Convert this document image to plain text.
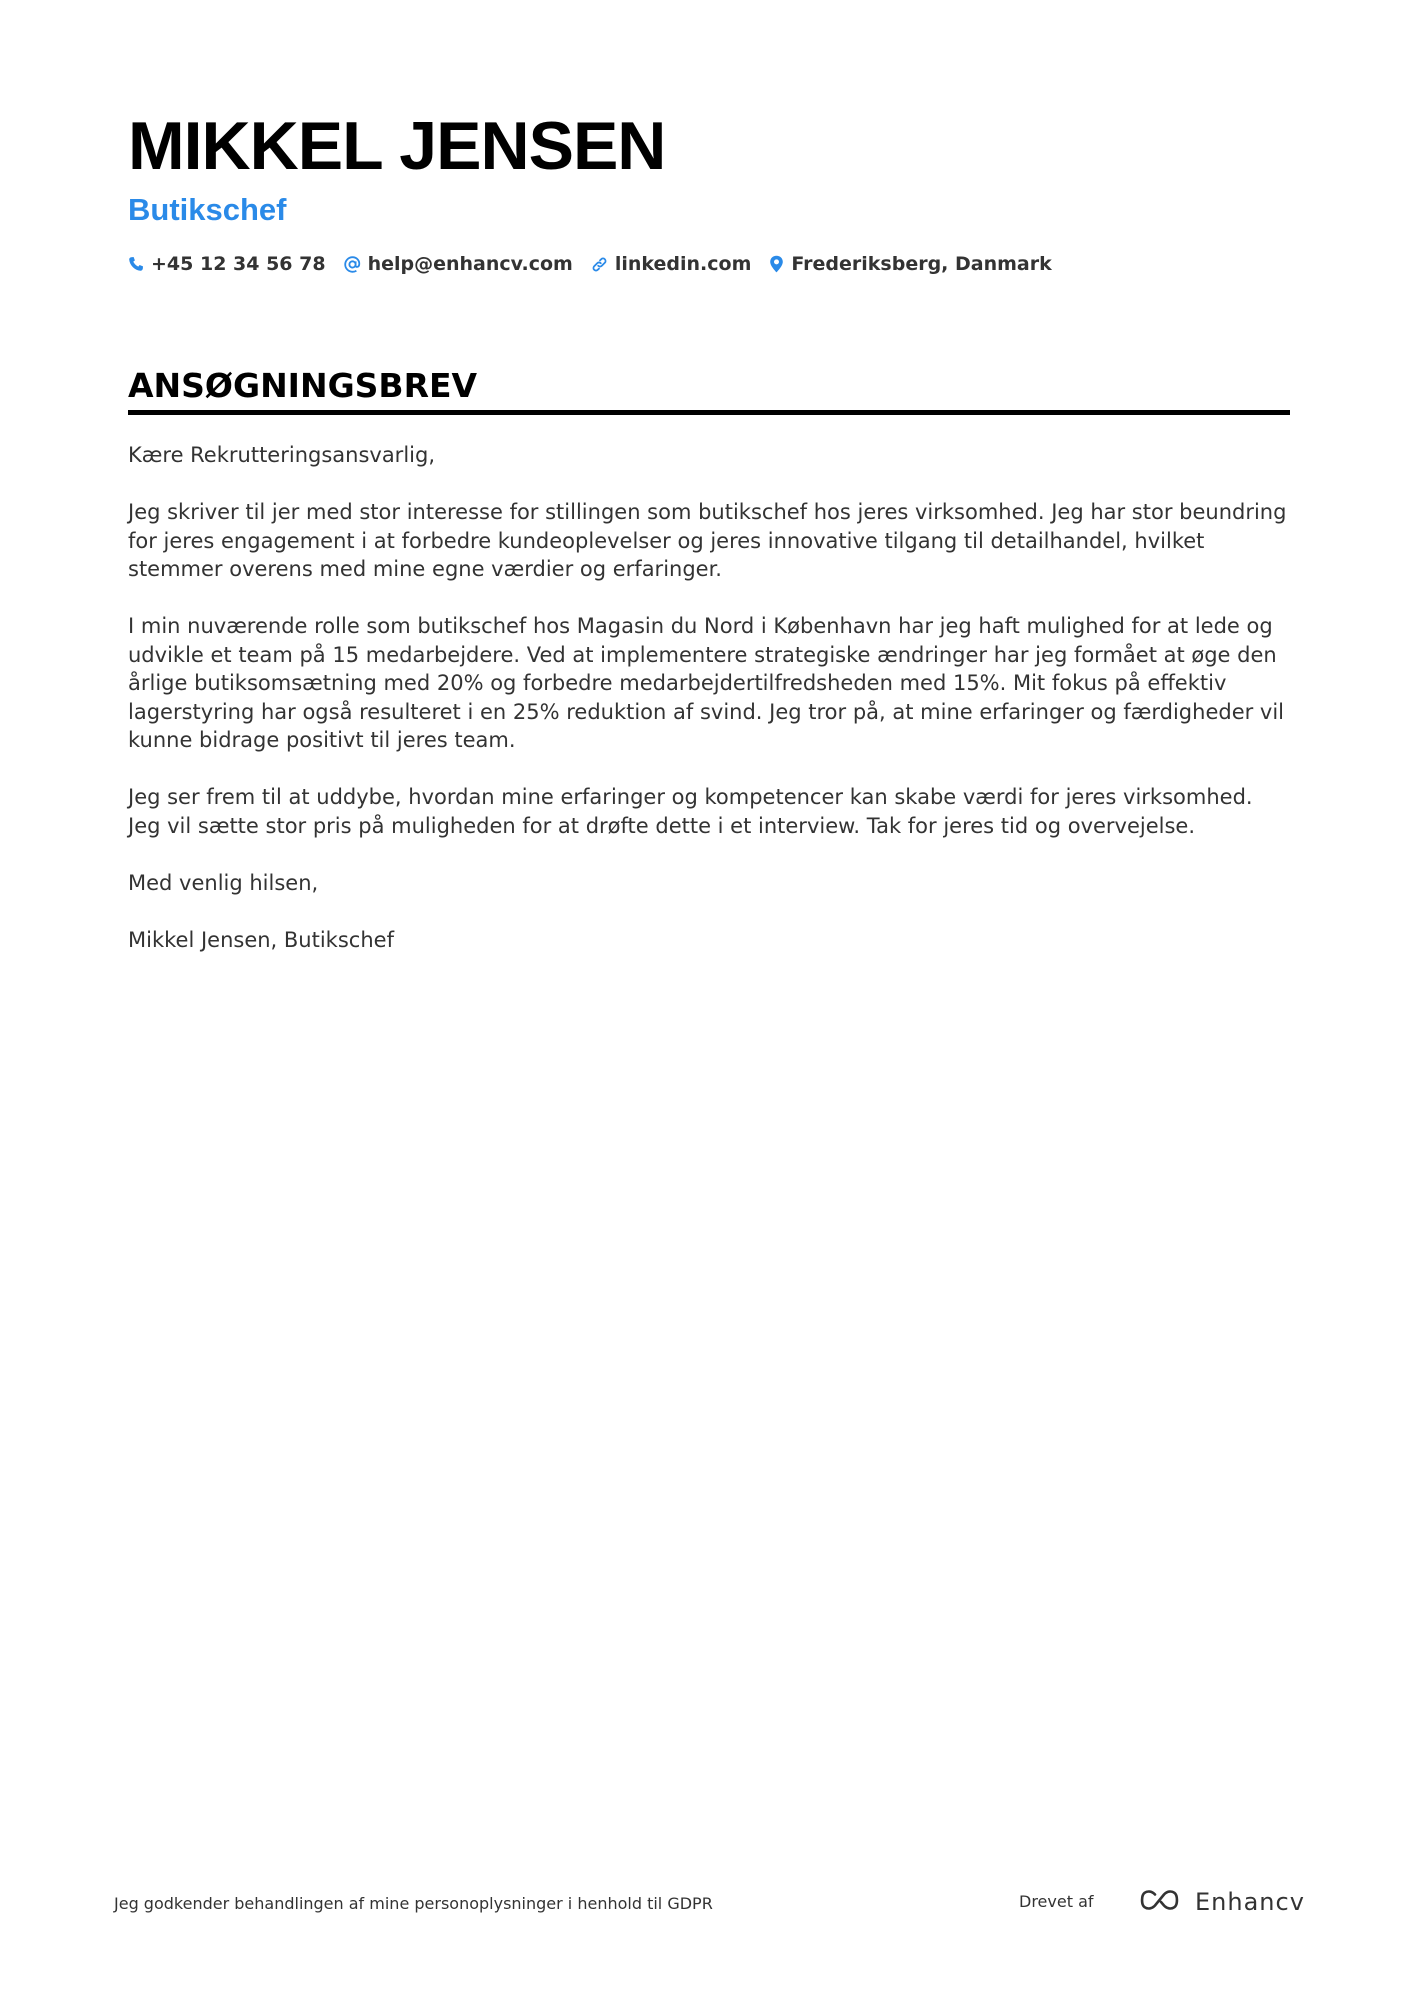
MIKKEL JENSEN
Butikschef
+45 12 34 56 78 help@enhancv.com linkedin.com Frederiksberg, Danmark
ANSØGNINGSBREV

Kære Rekrutteringsansvarlig,

Jeg skriver til jer med stor interesse for stillingen som butikschef hos jeres virksomhed. Jeg har stor beundring for jeres engagement i at forbedre kundeoplevelser og jeres innovative tilgang til detailhandel, hvilket stemmer overens med mine egne værdier og erfaringer.

I min nuværende rolle som butikschef hos Magasin du Nord i København har jeg haft mulighed for at lede og udvikle et team på 15 medarbejdere. Ved at implementere strategiske ændringer har jeg formået at øge den årlige butiksomsætning med 20% og forbedre medarbejdertilfredsheden med 15%. Mit fokus på effektiv lagerstyring har også resulteret i en 25% reduktion af svind. Jeg tror på, at mine erfaringer og færdigheder vil kunne bidrage positivt til jeres team.

Jeg ser frem til at uddybe, hvordan mine erfaringer og kompetencer kan skabe værdi for jeres virksomhed. Jeg vil sætte stor pris på muligheden for at drøfte dette i et interview. Tak for jeres tid og overvejelse.

Med venlig hilsen,

Mikkel Jensen, Butikschef

Jeg godkender behandlingen af mine personoplysninger i henhold til GDPR	Drevet af	Enhancv
